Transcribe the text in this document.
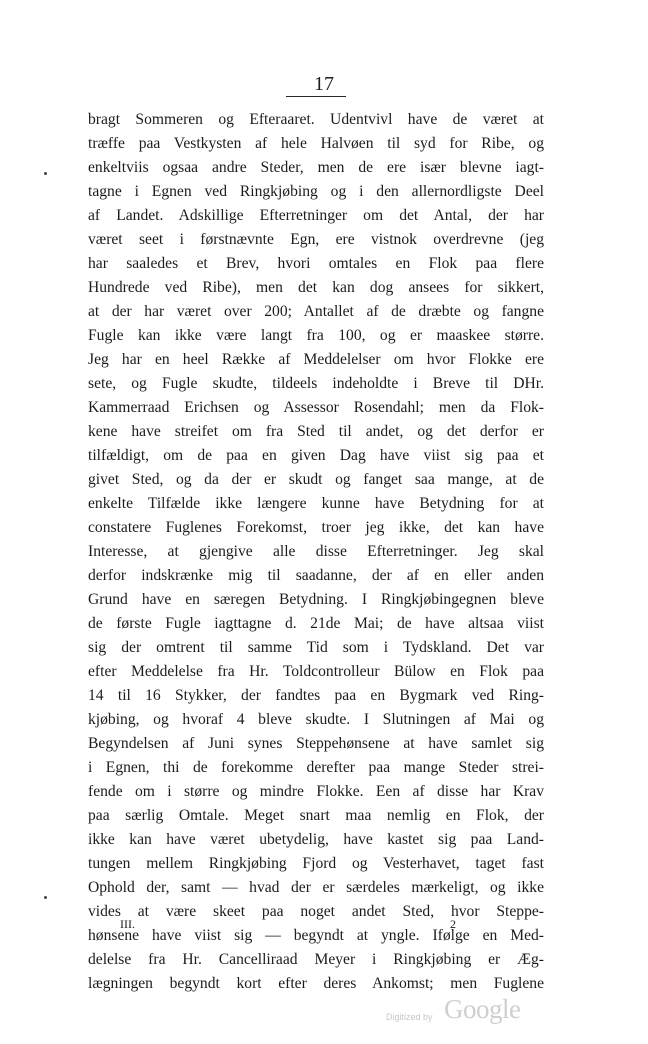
17
bragt Sommeren og Efteraaret. Udentvivl have de været at
træffe paa Vestkysten af hele Halvøen til syd for Ribe, og
enkeltviis ogsaa andre Steder, men de ere især blevne iagt-
tagne i Egnen ved Ringkjøbing og i den allernordligste Deel
af Landet. Adskillige Efterretninger om det Antal, der har
været seet i førstnævnte Egn, ere vistnok overdrevne (jeg
har saaledes et Brev, hvori omtales en Flok paa flere
Hundrede ved Ribe), men det kan dog ansees for sikkert,
at der har været over 200; Antallet af de dræbte og fangne
Fugle kan ikke være langt fra 100, og er maaskee større.
Jeg har en heel Række af Meddelelser om hvor Flokke ere
sete, og Fugle skudte, tildeels indeholdte i Breve til DHr.
Kammerraad Erichsen og Assessor Rosendahl; men da Flok-
kene have streifet om fra Sted til andet, og det derfor er
tilfældigt, om de paa en given Dag have viist sig paa et
givet Sted, og da der er skudt og fanget saa mange, at de
enkelte Tilfælde ikke længere kunne have Betydning for at
constatere Fuglenes Forekomst, troer jeg ikke, det kan have
Interesse, at gjengive alle disse Efterretninger. Jeg skal
derfor indskrænke mig til saadanne, der af en eller anden
Grund have en særegen Betydning. I Ringkjøbingegnen bleve
de første Fugle iagttagne d. 21de Mai; de have altsaa viist
sig der omtrent til samme Tid som i Tydskland. Det var
efter Meddelelse fra Hr. Toldcontrolleur Bülow en Flok paa
14 til 16 Stykker, der fandtes paa en Bygmark ved Ring-
kjøbing, og hvoraf 4 bleve skudte. I Slutningen af Mai og
Begyndelsen af Juni synes Steppehønsene at have samlet sig
i Egnen, thi de forekomme derefter paa mange Steder strei-
fende om i større og mindre Flokke. Een af disse har Krav
paa særlig Omtale. Meget snart maa nemlig en Flok, der
ikke kan have været ubetydelig, have kastet sig paa Land-
tungen mellem Ringkjøbing Fjord og Vesterhavet, taget fast
Ophold der, samt — hvad der er særdeles mærkeligt, og ikke
vides at være skeet paa noget andet Sted, hvor Steppe-
hønsene have viist sig — begyndt at yngle. Ifølge en Med-
delelse fra Hr. Cancelliraad Meyer i Ringkjøbing er Æg-
lægningen begyndt kort efter deres Ankomst; men Fuglene
III.	2
Digitized by Google
